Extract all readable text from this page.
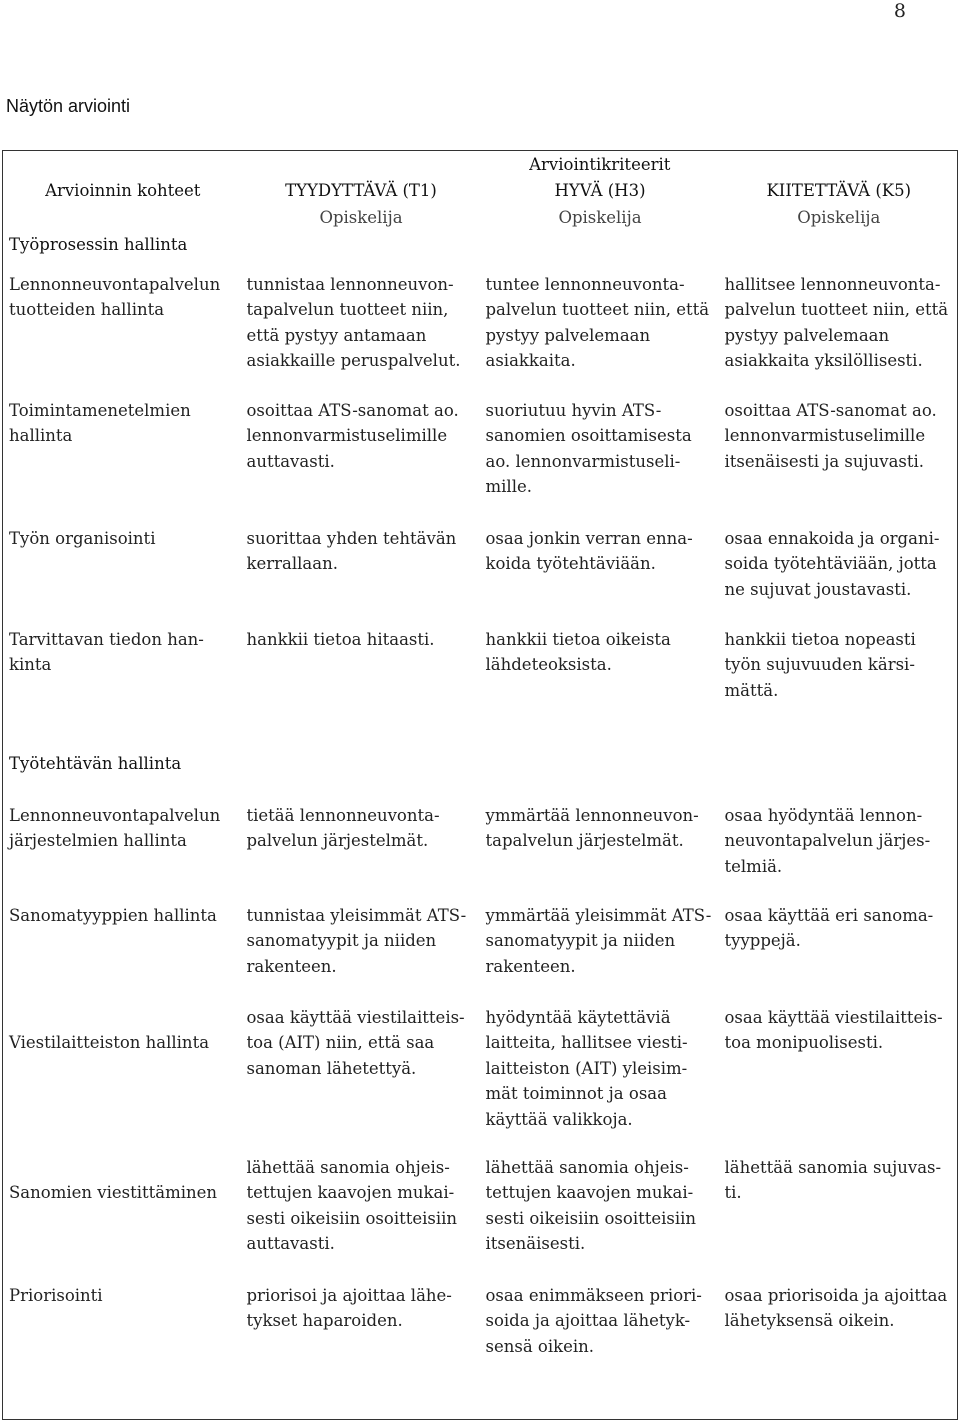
8
Näytön arviointi
	Arviointikriteerit		
Arvioinnin kohteet	TYYDYTTÄVÄ (T1)	HYVÄ (H3)	KIITETTÄVÄ (K5)
	Opiskelija	Opiskelija	Opiskelija
Työprosessin hallinta			
Lennonneuvontapalvelun tuotteiden hallinta	tunnistaa lennonneuvon-tapalvelun tuotteet niin, että pystyy antamaan asiakkaille peruspalvelut.	tuntee lennonneuvonta-palvelun tuotteet niin, että pystyy palvelemaan asiakkaita.	hallitsee lennonneuvonta-palvelun tuotteet niin, että pystyy palvelemaan asiakkaita yksilöllisesti.
Toimintamenetelmien hallinta	osoittaa ATS-sanomat ao. lennonvarmistuselimille auttavasti.	suoriutuu hyvin ATS-sanomien osoittamisesta ao. lennonvarmistuseli-mille.	osoittaa ATS-sanomat ao. lennonvarmistuselimille itsenäisesti ja sujuvasti.
Työn organisointi	suorittaa yhden tehtävän kerrallaan.	osaa jonkin verran enna-koida työtehtäviään.	osaa ennakoida ja organi-soida työtehtäviään, jotta ne sujuvat joustavasti.
Tarvittavan tiedon han-kinta	hankkii tietoa hitaasti.	hankkii tietoa oikeista lähdeteoksista.	hankkii tietoa nopeasti työn sujuvuuden kärsi-mättä.
Työtehtävän hallinta			
Lennonneuvontapalvelun järjestelmien hallinta	tietää lennonneuvonta-palvelun järjestelmät.	ymmärtää lennonneuvon-tapalvelun järjestelmät.	osaa hyödyntää lennon-neuvontapalvelun järjes-telmiä.
Sanomatyyppien hallinta	tunnistaa yleisimmät ATS-sanomatyypit ja niiden rakenteen.	ymmärtää yleisimmät ATS-sanomatyypit ja niiden rakenteen.	osaa käyttää eri sanoma-tyyppejä.
Viestilaitteiston hallinta	osaa käyttää viestilaitteis-toa (AIT) niin, että saa sanoman lähetettyä.	hyödyntää käytettäviä laitteita, hallitsee viesti-laitteiston (AIT) yleisim-mät toiminnot ja osaa käyttää valikkoja.	osaa käyttää viestilaitteis-toa monipuolisesti.
Sanomien viestittäminen	lähettää sanomia ohjeis-tettujen kaavojen mukai-sesti oikeisiin osoitteisiin auttavasti.	lähettää sanomia ohjeis-tettujen kaavojen mukai-sesti oikeisiin osoitteisiin itsenäisesti.	lähettää sanomia sujuvas-ti.
Priorisointi	priorisoi ja ajoittaa lähe-tykset haparoiden.	osaa enimmäkseen priori-soida ja ajoittaa lähetyk-sensä oikein.	osaa priorisoida ja ajoittaa lähetyksensä oikein.
